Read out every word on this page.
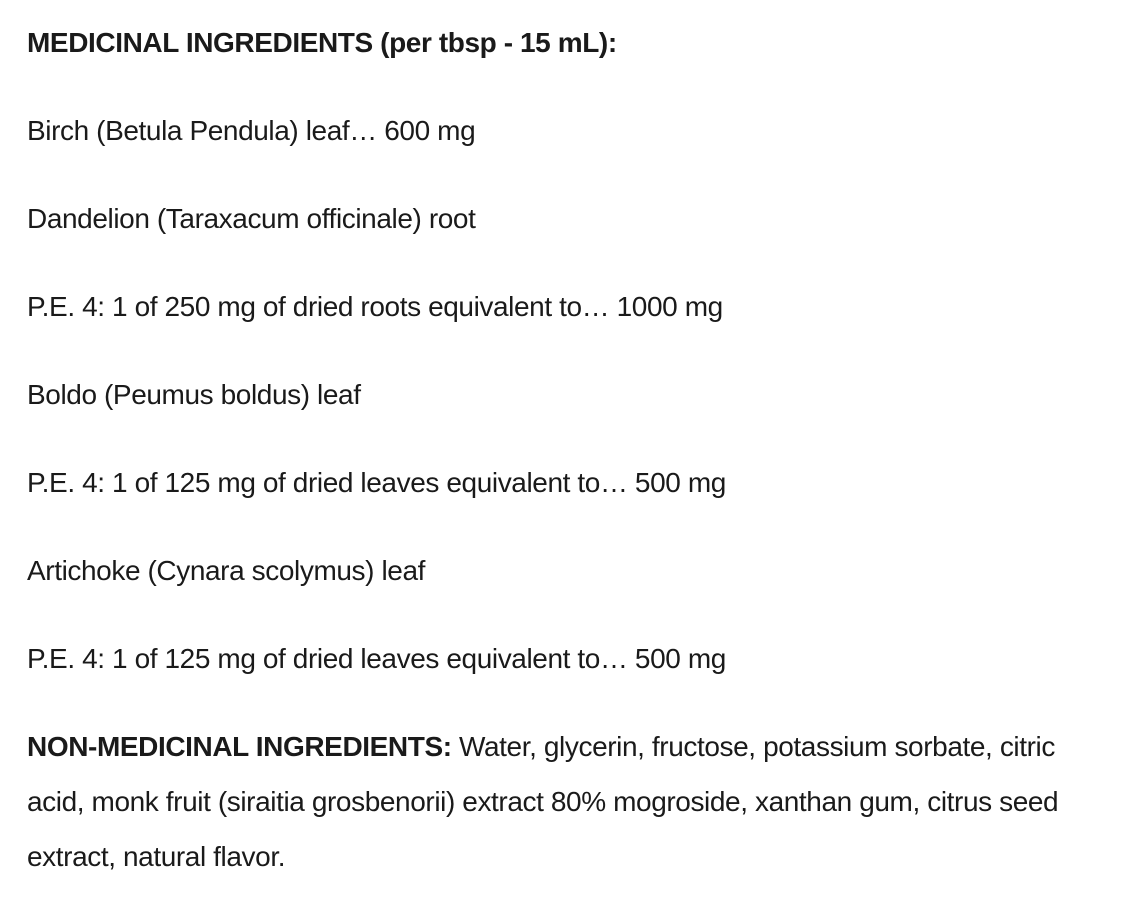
MEDICINAL INGREDIENTS (per tbsp - 15 mL):

Birch (Betula Pendula) leaf… 600 mg

Dandelion (Taraxacum officinale) root

P.E. 4: 1 of 250 mg of dried roots equivalent to… 1000 mg

Boldo (Peumus boldus) leaf

P.E. 4: 1 of 125 mg of dried leaves equivalent to… 500 mg

Artichoke (Cynara scolymus) leaf

P.E. 4: 1 of 125 mg of dried leaves equivalent to… 500 mg

NON-MEDICINAL INGREDIENTS: Water, glycerin, fructose, potassium sorbate, citric acid, monk fruit (siraitia grosbenorii) extract 80% mogroside, xanthan gum, citrus seed extract, natural flavor.
